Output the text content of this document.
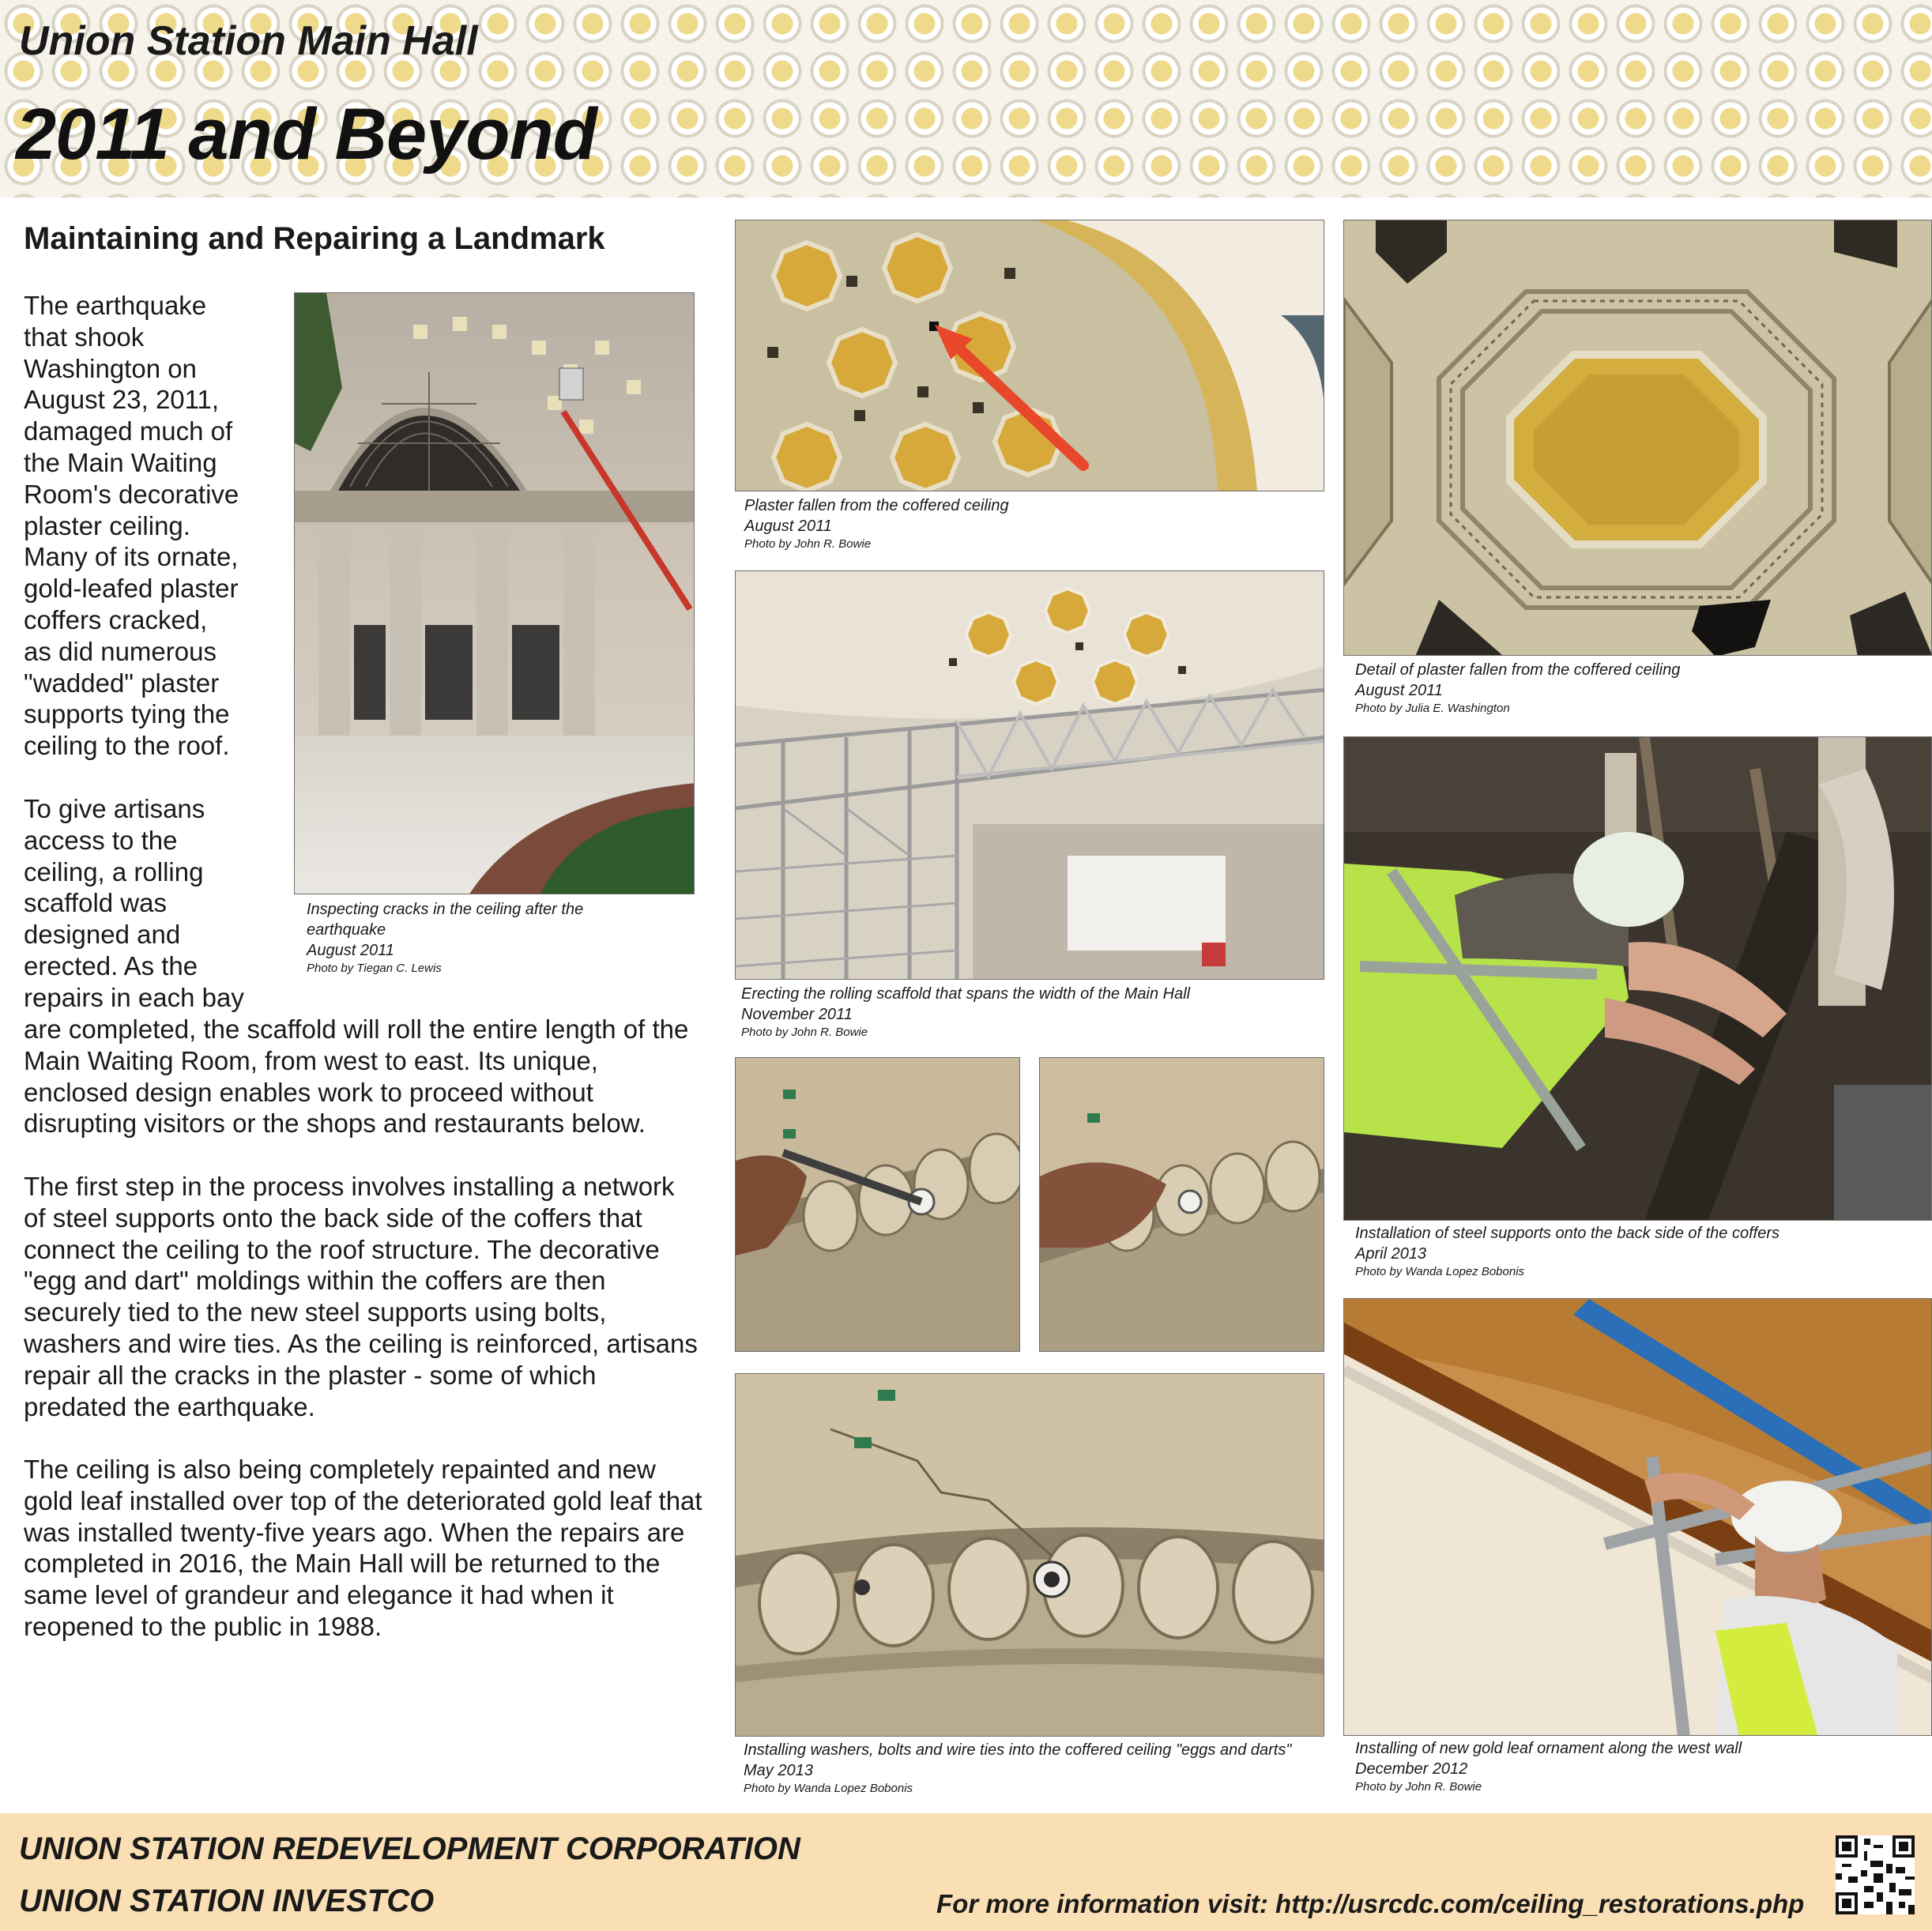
Union Station Main Hall
2011 and Beyond
Maintaining and Repairing a Landmark
The earthquake
that shook
Washington on
August 23, 2011,
damaged much of
the Main Waiting
Room's decorative
plaster ceiling.
Many of its ornate,
gold-leafed plaster
coffers cracked,
as did numerous
"wadded" plaster
supports tying the
ceiling to the roof.
To give artisans
access to the
ceiling, a rolling
scaffold was
designed and
erected. As the
repairs in each bay
are completed, the scaffold will roll the entire length of the Main Waiting Room, from west to east. Its unique, enclosed design enables work to proceed without disrupting visitors or the shops and restaurants below.
The first step in the process involves installing a network of steel supports onto the back side of the coffers that connect the ceiling to the roof structure. The decorative "egg and dart" moldings within the coffers are then securely tied to the new steel supports using bolts, washers and wire ties. As the ceiling is reinforced, artisans repair all the cracks in the plaster - some of which predated the earthquake.
The ceiling is also being completely repainted and new gold leaf installed over top of the deteriorated gold leaf that was installed twenty-five years ago. When the repairs are completed in 2016, the Main Hall will be returned to the same level of grandeur and elegance it had when it reopened to the public in 1988.
Inspecting cracks in the ceiling after the earthquake
August 2011
Photo by Tiegan C. Lewis
Plaster fallen from the coffered ceiling
August 2011
Photo by John R. Bowie
Detail of plaster fallen from the coffered ceiling
August 2011
Photo by Julia E. Washington
Erecting the rolling scaffold that spans the width of the Main Hall
November 2011
Photo by John R. Bowie
Installation of steel supports onto the back side of the coffers
April 2013
Photo by Wanda Lopez Bobonis
Installing washers, bolts and wire ties into the coffered ceiling "eggs and darts"
May 2013
Photo by Wanda Lopez Bobonis
Installing of new gold leaf ornament along the west wall
December 2012
Photo by John R. Bowie
UNION STATION REDEVELOPMENT CORPORATION
UNION STATION INVESTCO	For more information visit: http://usrcdc.com/ceiling_restorations.php
